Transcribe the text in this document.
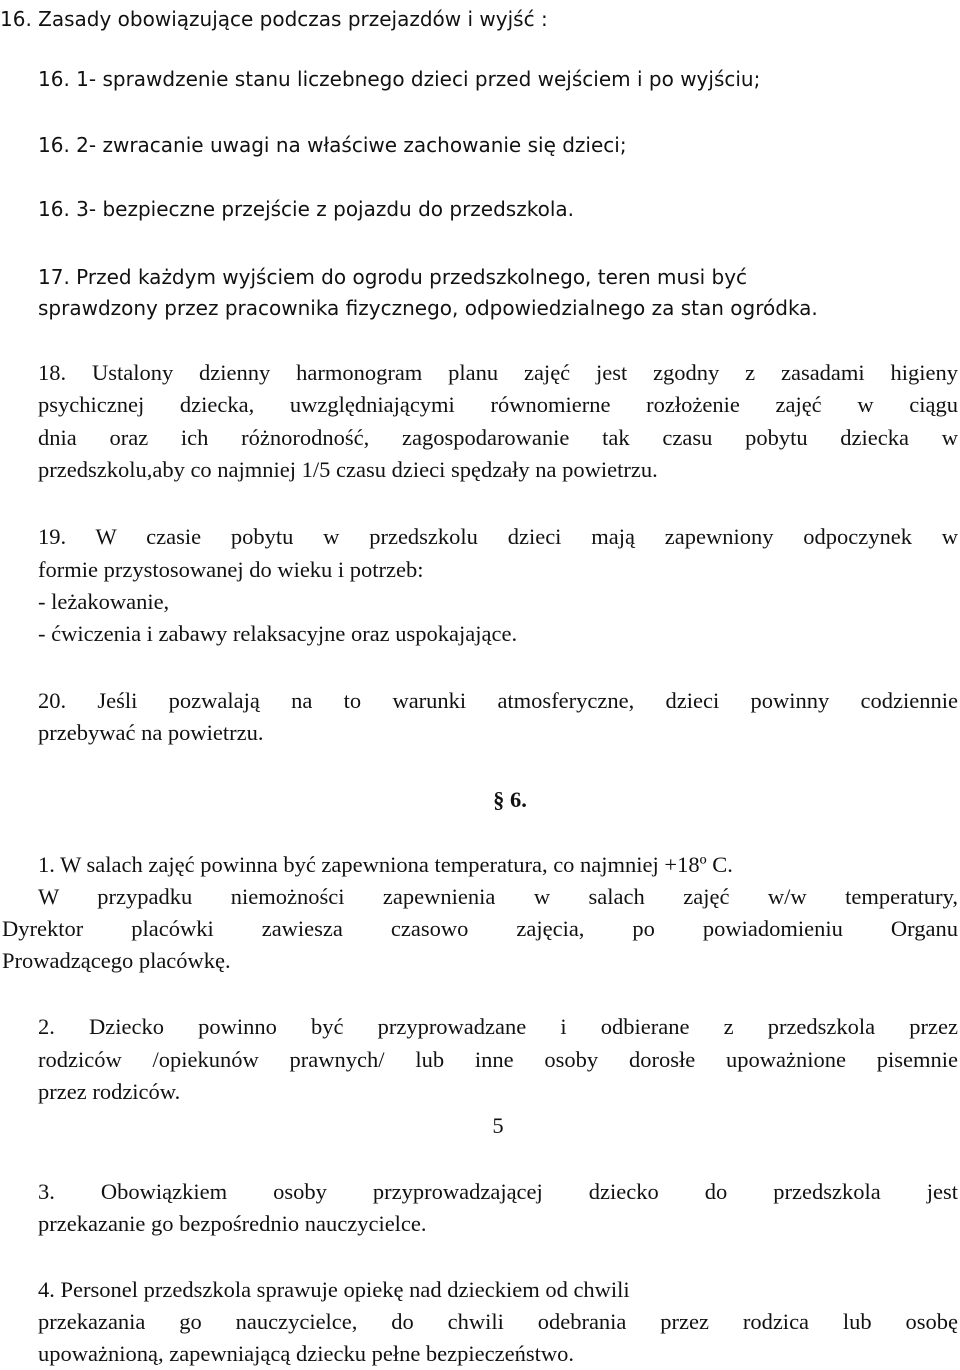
16. Zasady obowiązujące podczas przejazdów i wyjść :

16. 1- sprawdzenie stanu liczebnego dzieci przed wejściem i po wyjściu;

16. 2- zwracanie uwagi na właściwe zachowanie się dzieci;

16. 3- bezpieczne przejście z pojazdu do przedszkola.

17. Przed każdym wyjściem do ogrodu przedszkolnego, teren musi być

sprawdzony przez pracownika fizycznego, odpowiedzialnego za stan ogródka.

18. Ustalony dzienny harmonogram planu zajęć jest zgodny z zasadami higieny

psychicznej dziecka, uwzględniającymi równomierne rozłożenie zajęć w ciągu

dnia oraz ich różnorodność, zagospodarowanie tak czasu pobytu dziecka w

przedszkolu,aby co najmniej 1/5 czasu dzieci spędzały na powietrzu.

19. W czasie pobytu w przedszkolu dzieci mają zapewniony odpoczynek w

formie przystosowanej do wieku i potrzeb:

- leżakowanie,

- ćwiczenia i zabawy relaksacyjne oraz uspokajające.

20. Jeśli pozwalają na to warunki atmosferyczne, dzieci powinny codziennie

przebywać na powietrzu.

§ 6.

1. W salach zajęć powinna być zapewniona temperatura, co najmniej +18º C.

W przypadku niemożności zapewnienia w salach zajęć w/w temperatury,

Dyrektor placówki zawiesza czasowo zajęcia, po powiadomieniu Organu

Prowadzącego placówkę.

2. Dziecko powinno być przyprowadzane i odbierane z przedszkola przez

rodziców /opiekunów prawnych/ lub inne osoby dorosłe upoważnione pisemnie

przez rodziców.

5

3. Obowiązkiem osoby przyprowadzającej dziecko do przedszkola jest

przekazanie go bezpośrednio nauczycielce.

4. Personel przedszkola sprawuje opiekę nad dzieckiem od chwili

przekazania go nauczycielce, do chwili odebrania przez rodzica lub osobę

upoważnioną, zapewniającą dziecku pełne bezpieczeństwo.
